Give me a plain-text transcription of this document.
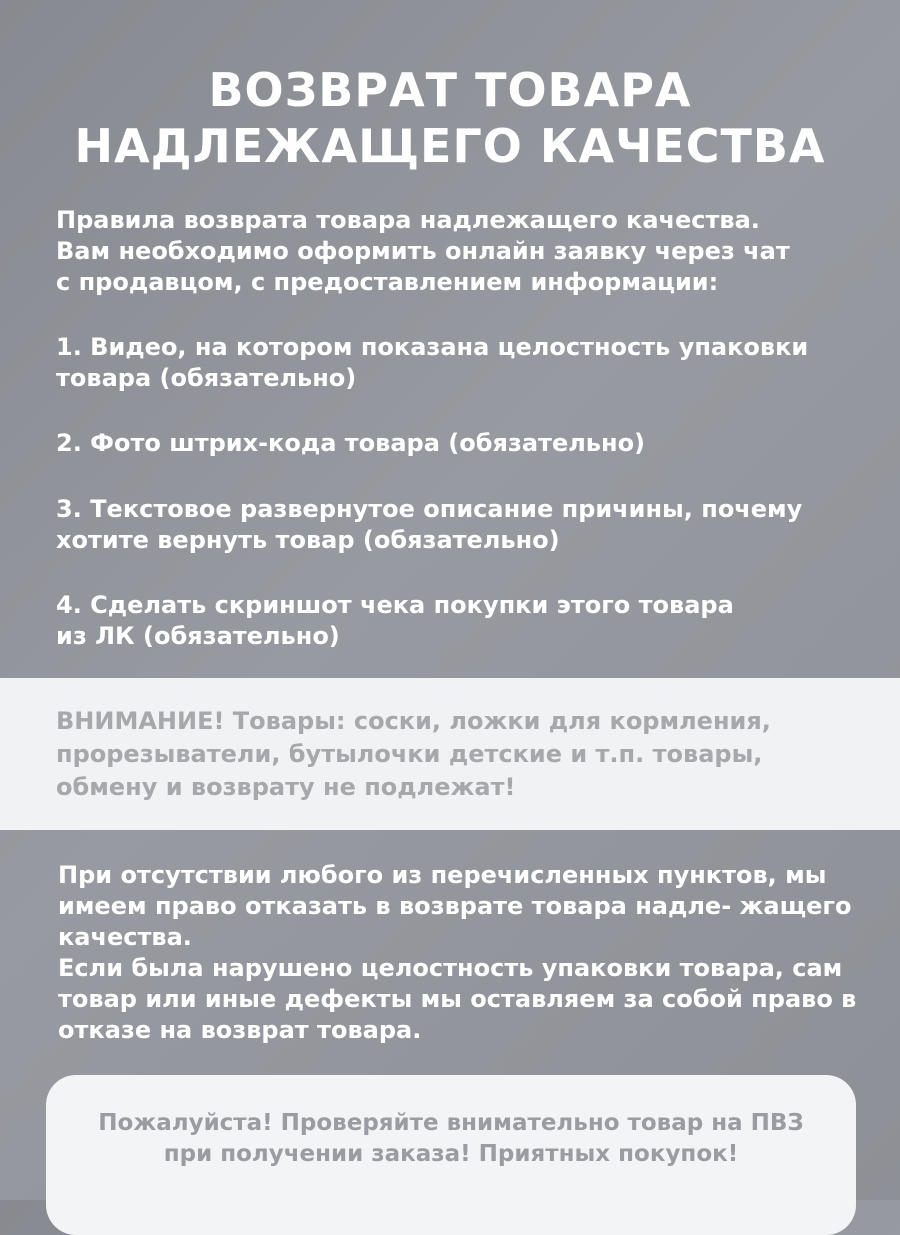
ВОЗВРАТ ТОВАРА
НАДЛЕЖАЩЕГО КАЧЕСТВА

Правила возврата товара надлежащего качества.

Вам необходимо оформить онлайн заявку через чат

с продавцом, с предоставлением информации:

1. Видео, на котором показана целостность упаковки

товара (обязательно)

2. Фото штрих-кода товара (обязательно)

3. Текстовое развернутое описание причины, почему

хотите вернуть товар (обязательно)

4. Сделать скриншот чека покупки этого товара

из ЛК (обязательно)

ВНИМАНИЕ! Товары: соски, ложки для кормления,
прорезыватели, бутылочки детские и т.п. товары,
обмену и возврату не подлежат!

При отсутствии любого из перечисленных пунктов, мы

имеем право отказать в возврате товара надле- жащего

качества.

Если была нарушено целостность упаковки товара, сам

товар или иные дефекты мы оставляем за собой право в

отказе на возврат товара.

Пожалуйста! Проверяйте внимательно товар на ПВЗ
при получении заказа! Приятных покупок!
